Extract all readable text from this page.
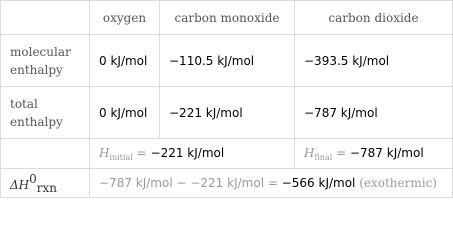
	oxygen	carbon monoxide	carbon dioxide

molecular
enthalpy	0 kJ/mol	−110.5 kJ/mol	−393.5 kJ/mol

total
enthalpy	0 kJ/mol	−221 kJ/mol	−787 kJ/mol
	$H_{initial} = -221$ kJ/mol		$H_{final} = -787$ kJ/mol
ΔH0rxn	−787 kJ/mol − −221 kJ/mol = −566 kJ/mol (exothermic)		
